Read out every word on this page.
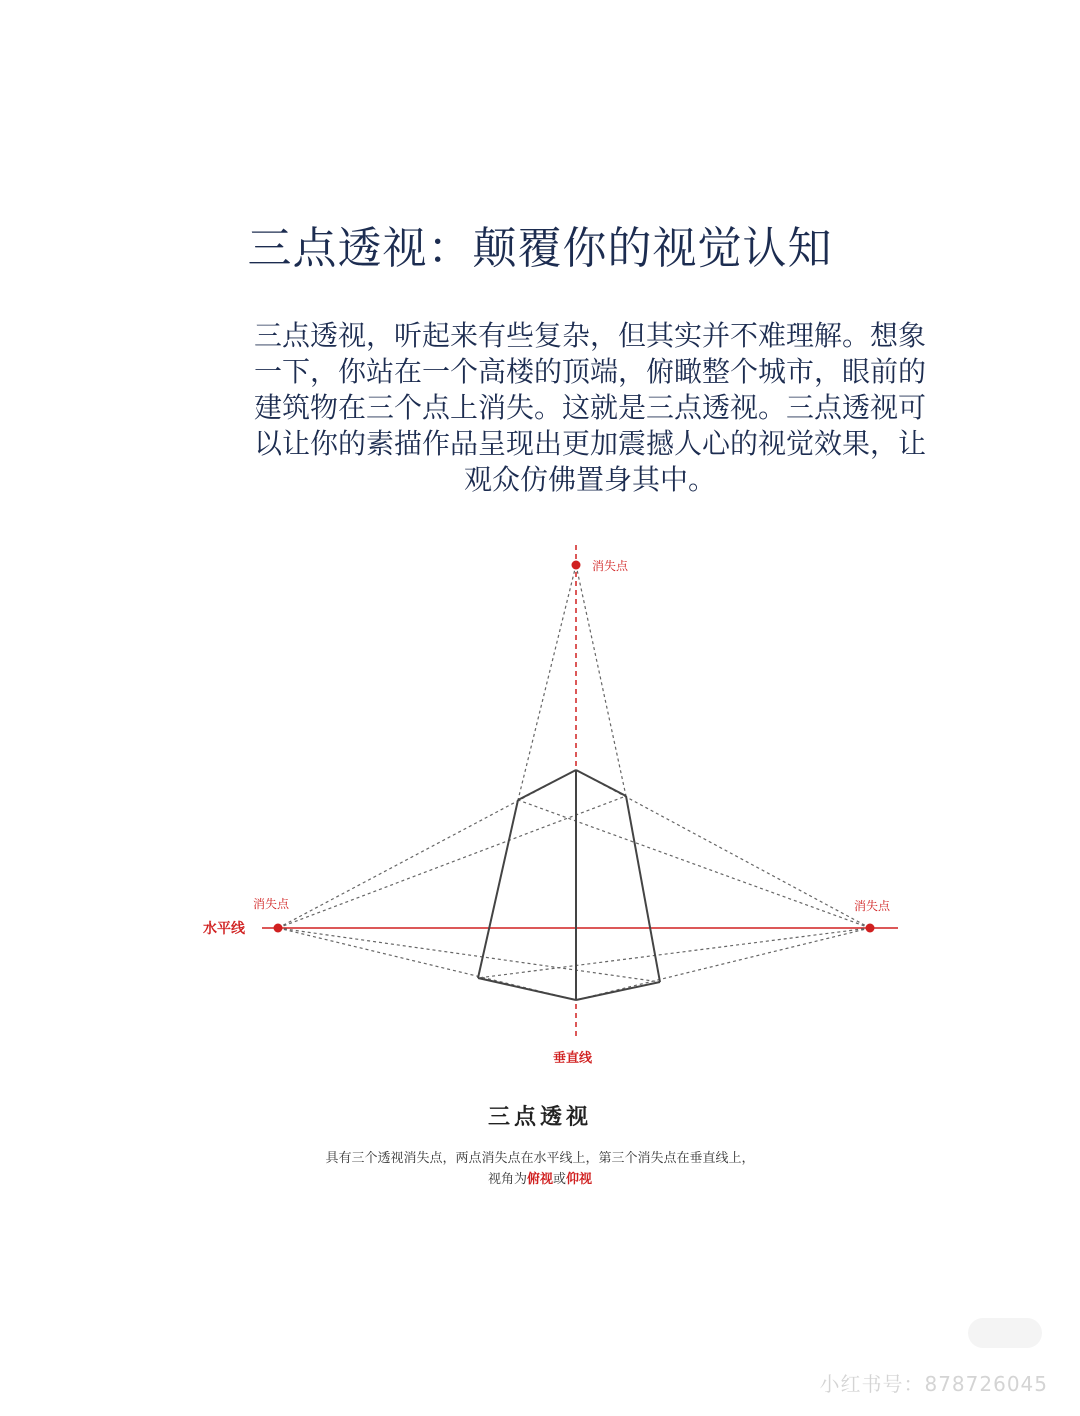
三点透视：颠覆你的视觉认知
三点透视，听起来有些复杂，但其实并不难理解。想象
一下，你站在一个高楼的顶端，俯瞰整个城市，眼前的
建筑物在三个点上消失。这就是三点透视。三点透视可
以让你的素描作品呈现出更加震撼人心的视觉效果，让
观众仿佛置身其中。
消失点
消失点	消失点
水平线
垂直线
三点透视
具有三个透视消失点，两点消失点在水平线上，第三个消失点在垂直线上，
视角为俯视或仰视
小红书号：878726045
